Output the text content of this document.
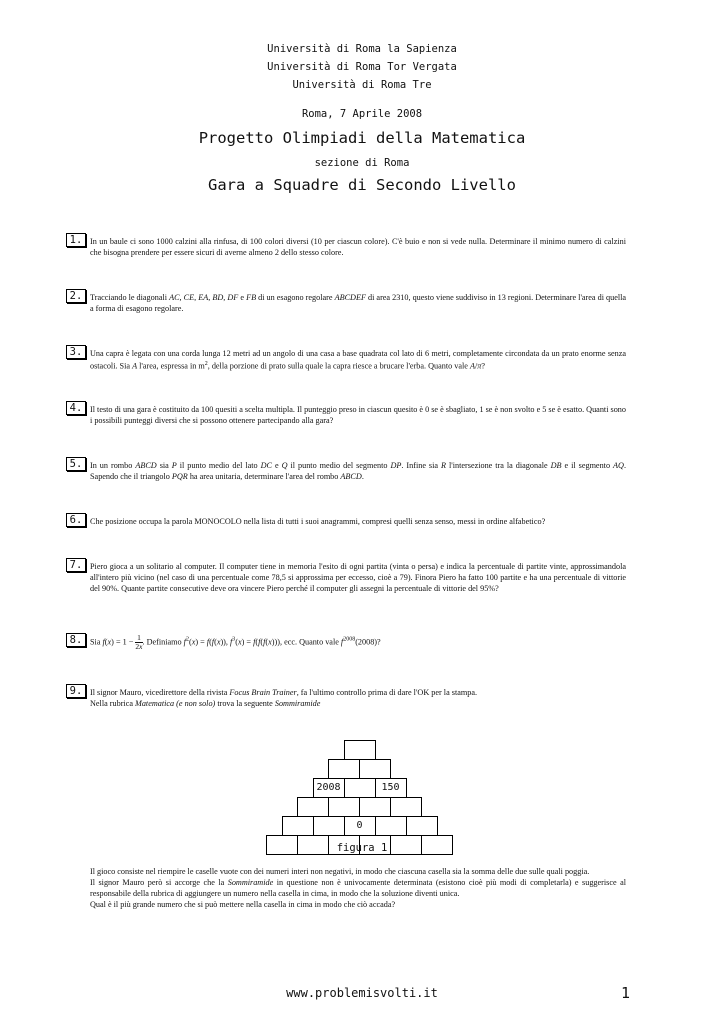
Università di Roma la Sapienza
Università di Roma Tor Vergata
Università di Roma Tre
Roma, 7 Aprile 2008
Progetto Olimpiadi della Matematica
sezione di Roma
Gara a Squadre di Secondo Livello
1. In un baule ci sono 1000 calzini alla rinfusa, di 100 colori diversi (10 per ciascun colore). C'è buio e non si vede nulla. Determinare il minimo numero di calzini che bisogna prendere per essere sicuri di averne almeno 2 dello stesso colore.
2. Tracciando le diagonali AC, CE, EA, BD, DF e FB di un esagono regolare ABCDEF di area 2310, questo viene suddiviso in 13 regioni. Determinare l'area di quella a forma di esagono regolare.
3. Una capra è legata con una corda lunga 12 metri ad un angolo di una casa a base quadrata col lato di 6 metri, completamente circondata da un prato enorme senza ostacoli. Sia A l'area, espressa in $m^2$, della porzione di prato sulla quale la capra riesce a brucare l'erba. Quanto vale A/π?
4. Il testo di una gara è costituito da 100 quesiti a scelta multipla. Il punteggio preso in ciascun quesito è 0 se è sbagliato, 1 se è non svolto e 5 se è esatto. Quanti sono i possibili punteggi diversi che si possono ottenere partecipando alla gara?
5. In un rombo ABCD sia P il punto medio del lato DC e Q il punto medio del segmento DP. Infine sia R l'intersezione tra la diagonale DB e il segmento AQ. Sapendo che il triangolo PQR ha area unitaria, determinare l'area del rombo ABCD.
6. Che posizione occupa la parola MONOCOLO nella lista di tutti i suoi anagrammi, compresi quelli senza senso, messi in ordine alfabetico?
7. Piero gioca a un solitario al computer. Il computer tiene in memoria l'esito di ogni partita (vinta o persa) e indica la percentuale di partite vinte, approssimandola all'intero più vicino (nel caso di una percentuale come 78,5 si approssima per eccesso, cioè a 79). Finora Piero ha fatto 100 partite e ha una percentuale di vittorie del 90%. Quante partite consecutive deve ora vincere Piero perché il computer gli assegni la percentuale di vittorie del 95%?
8. Sia $f(x) = 1 - \frac{1}{2x}$ . Definiamo $f^2(x) = f(f(x))$, $f^3(x) = f(f(f(x)))$, ecc. Quanto vale $f^{2008}(2008)$?
9. Il signor Mauro, vicedirettore della rivista Focus Brain Trainer, fa l'ultimo controllo prima di dare l'OK per la stampa.

Nella rubrica Matematica (e non solo) trova la seguente Sommiramide

2008	150
0
figura 1

Il gioco consiste nel riempire le caselle vuote con dei numeri interi non negativi, in modo che ciascuna casella sia la somma delle due sulle quali poggia.

Il signor Mauro però si accorge che la Sommiramide in questione non è univocamente determinata (esistono cioè più modi di completarla) e suggerisce al responsabile della rubrica di aggiungere un numero nella casella in cima, in modo che la soluzione diventi unica.

Qual è il più grande numero che si può mettere nella casella in cima in modo che ciò accada?

www.problemisvolti.it	1
